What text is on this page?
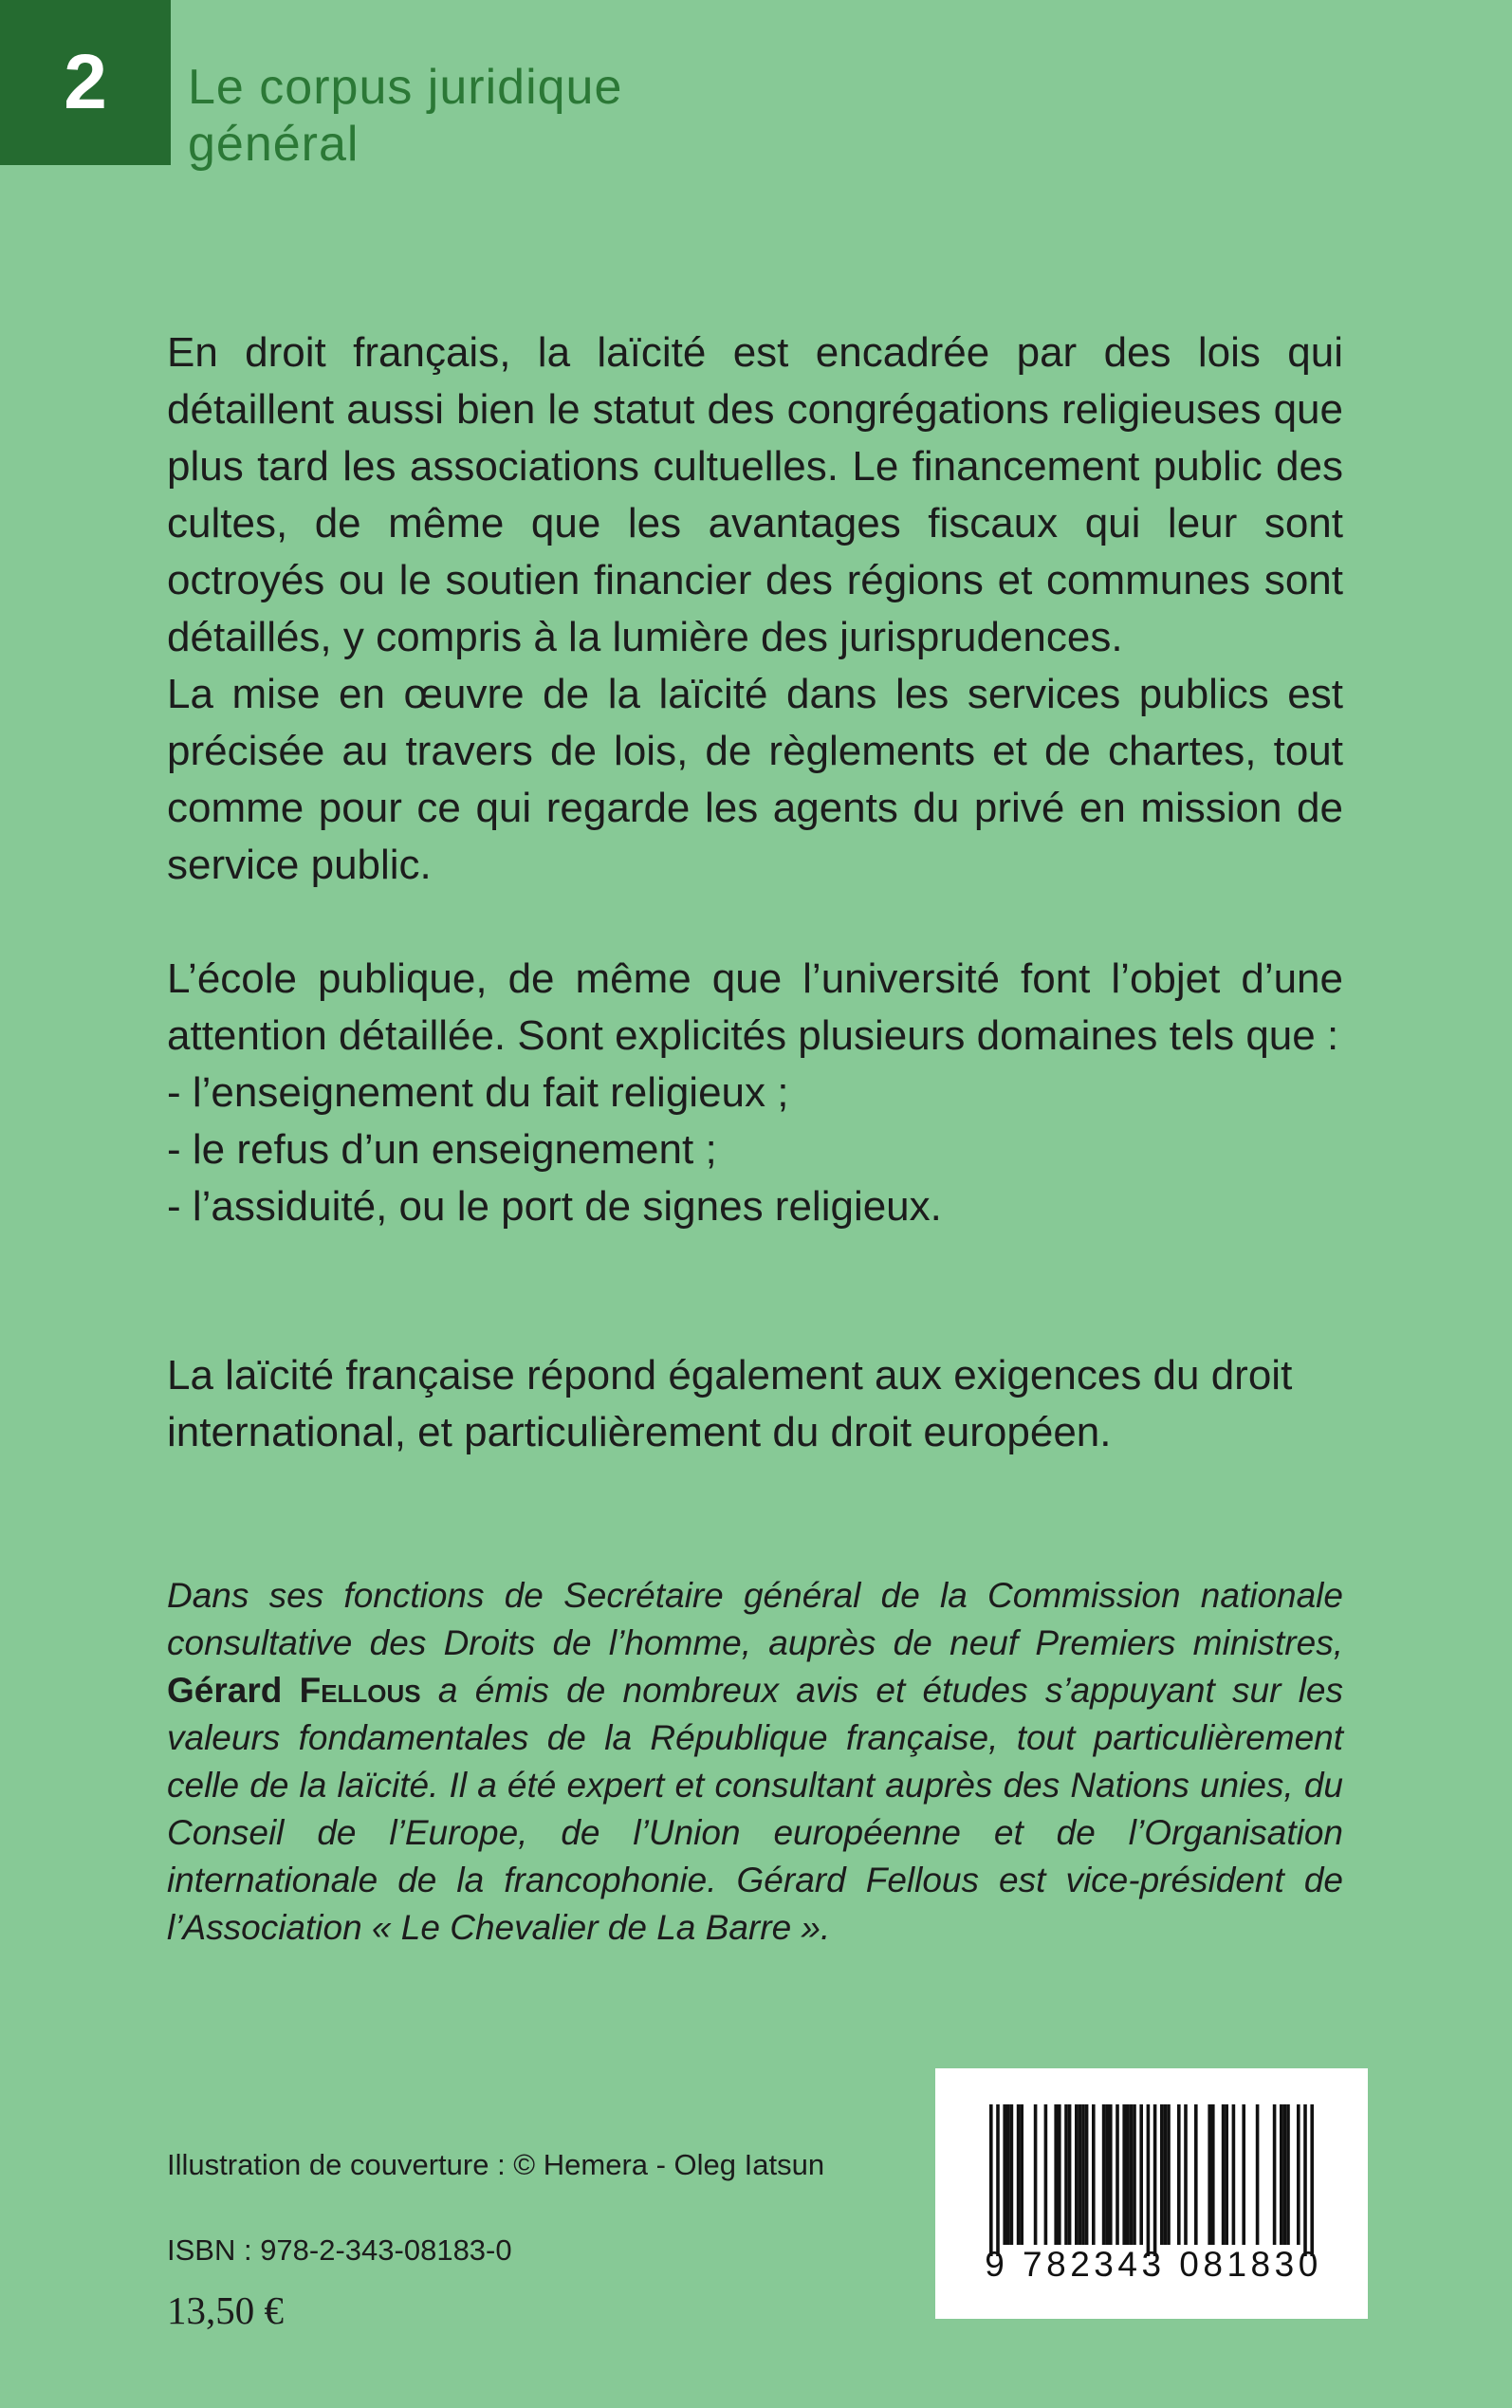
2 Le corpus juridique
général

En droit français, la laïcité est encadrée par des lois qui détaillent aussi bien le statut des congrégations religieuses que plus tard les associations cultuelles. Le financement public des cultes, de même que les avantages fiscaux qui leur sont octroyés ou le soutien financier des régions et communes sont détaillés, y compris à la lumière des jurisprudences.

La mise en œuvre de la laïcité dans les services publics est précisée au travers de lois, de règlements et de chartes, tout comme pour ce qui regarde les agents du privé en mission de service public.

L’école publique, de même que l’université font l’objet d’une attention détaillée. Sont explicités plusieurs domaines tels que :

- l’enseignement du fait religieux ;
- le refus d’un enseignement ;
- l’assiduité, ou le port de signes religieux.

La laïcité française répond également aux exigences du droit international, et particulièrement du droit européen.

Dans ses fonctions de Secrétaire général de la Commission nationale consultative des Droits de l’homme, auprès de neuf Premiers ministres, Gérard Fellous a émis de nombreux avis et études s’appuyant sur les valeurs fondamentales de la République française, tout particulièrement celle de la laïcité. Il a été expert et consultant auprès des Nations unies, du Conseil de l’Europe, de l’Union européenne et de l’Organisation internationale de la francophonie. Gérard Fellous est vice-président de l’Association « Le Chevalier de La Barre ».
Illustration de couverture : © Hemera - Oleg Iatsun
ISBN : 978-2-343-08183-0
13,50 €
9 782343 081830
